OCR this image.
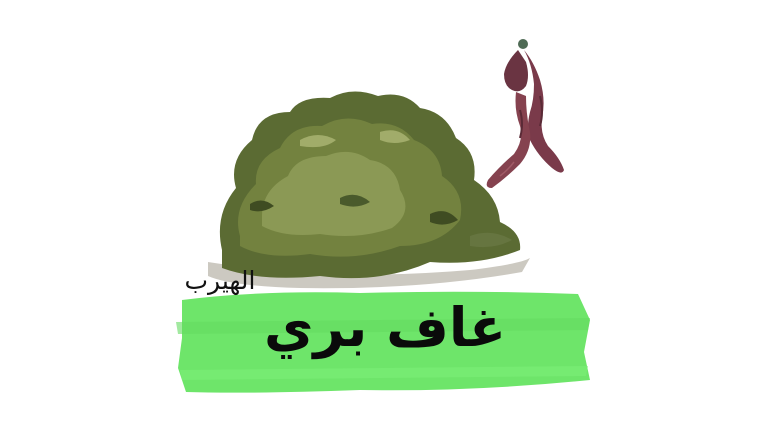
الهيرب
غاف بري
